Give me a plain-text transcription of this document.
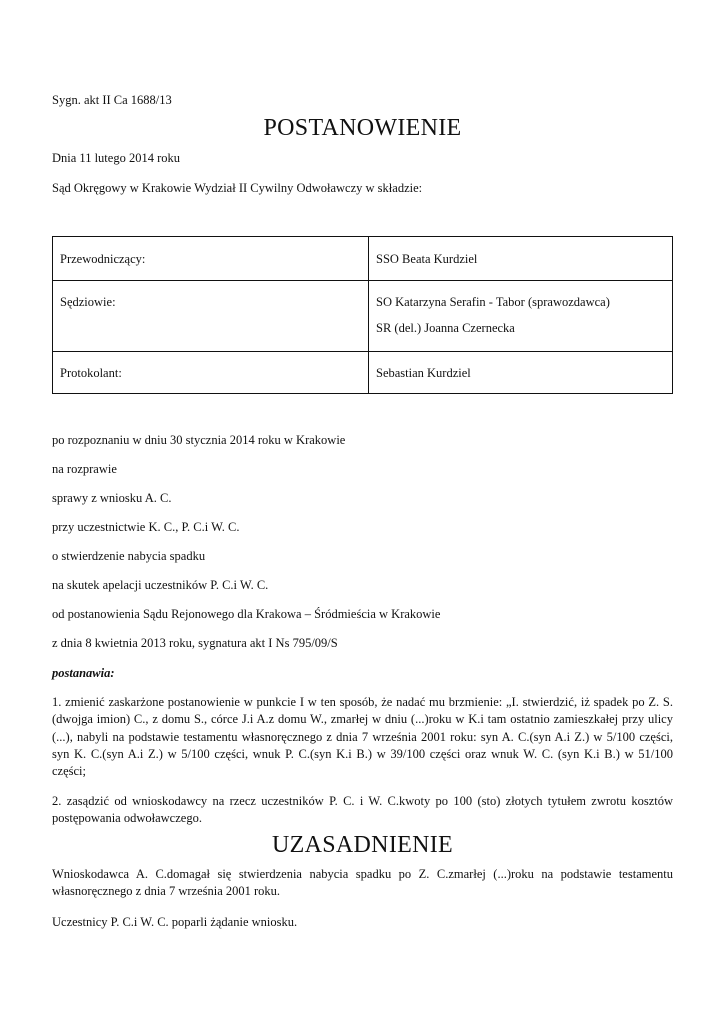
Sygn. akt II Ca 1688/13
POSTANOWIENIE
Dnia 11 lutego 2014 roku
Sąd Okręgowy w Krakowie Wydział II Cywilny Odwoławczy w składzie:
Przewodniczący:	SSO Beata Kurdziel

Sędziowie:	SO Katarzyna Serafin - Tabor (sprawozdawca)
SR (del.) Joanna Czernecka

Protokolant:	Sebastian Kurdziel
po rozpoznaniu w dniu 30 stycznia 2014 roku w Krakowie
na rozprawie
sprawy z wniosku A. C.
przy uczestnictwie K. C., P. C.i W. C.
o stwierdzenie nabycia spadku
na skutek apelacji uczestników P. C.i W. C.
od postanowienia Sądu Rejonowego dla Krakowa – Śródmieścia w Krakowie
z dnia 8 kwietnia 2013 roku, sygnatura akt I Ns 795/09/S
postanawia:
1. zmienić zaskarżone postanowienie w punkcie I w ten sposób, że nadać mu brzmienie: „I. stwierdzić, iż spadek po Z. S.(dwojga imion) C., z domu S., córce J.i A.z domu W., zmarłej w dniu (...)roku w K.i tam ostatnio zamieszkałej przy ulicy (...), nabyli na podstawie testamentu własnoręcznego z dnia 7 września 2001 roku: syn A. C.(syn A.i Z.) w 5/100 części, syn K. C.(syn A.i Z.) w 5/100 części, wnuk P. C.(syn K.i B.) w 39/100 części oraz wnuk W. C. (syn K.i B.) w 51/100 części;
2. zasądzić od wnioskodawcy na rzecz uczestników P. C. i W. C.kwoty po 100 (sto) złotych tytułem zwrotu kosztów postępowania odwoławczego.
UZASADNIENIE
Wnioskodawca A. C.domagał się stwierdzenia nabycia spadku po Z. C.zmarłej (...)roku na podstawie testamentu własnoręcznego z dnia 7 września 2001 roku.
Uczestnicy P. C.i W. C. poparli żądanie wniosku.
